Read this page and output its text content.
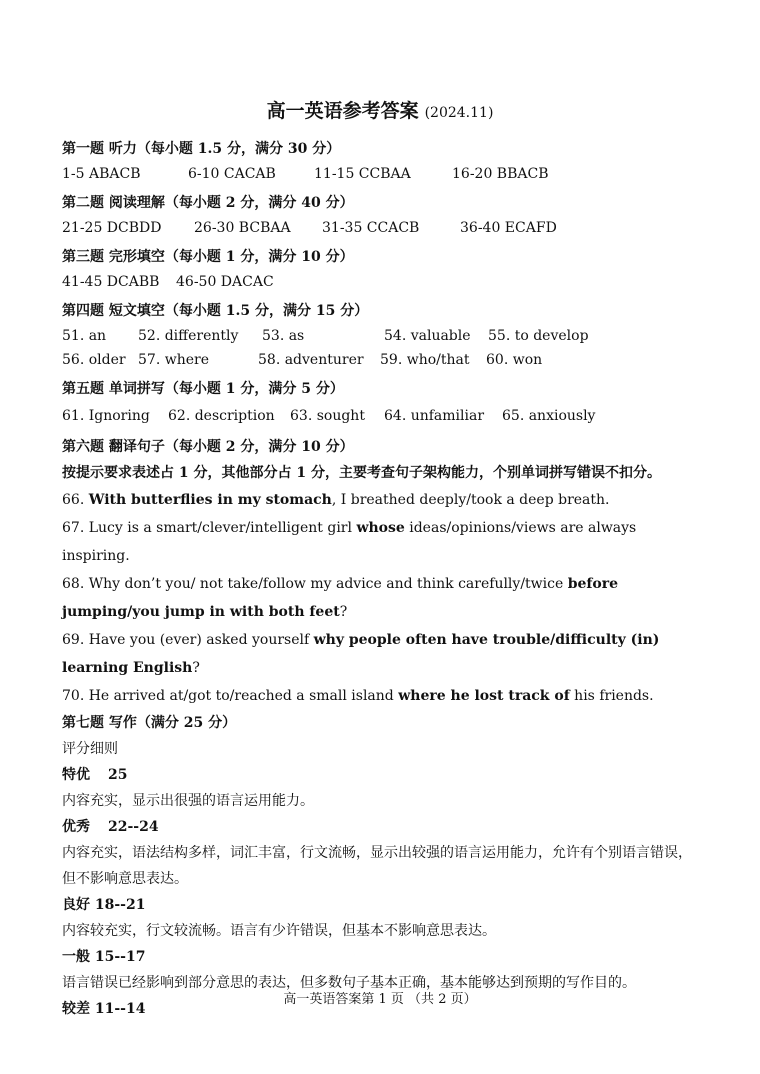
高一英语参考答案 (2024.11)
第一题 听力（每小题 1.5 分，满分 30 分）
1-5 ABACB	6-10 CACAB	11-15 CCBAA	16-20 BBACB
第二题 阅读理解（每小题 2 分，满分 40 分）
21-25 DCBDD 26-30 BCBAA 31-35 CCACB	36-40 ECAFD
第三题 完形填空（每小题 1 分，满分 10 分）
41-45 DCABB 46-50 DACAC
第四题 短文填空（每小题 1.5 分，满分 15 分）
51. an 52. differently 53. as	54. valuable 55. to develop
56. older 57. where	58. adventurer 59. who/that 60. won
第五题 单词拼写（每小题 1 分，满分 5 分）
61. Ignoring 62. description 63. sought 64. unfamiliar 65. anxiously
第六题 翻译句子（每小题 2 分，满分 10 分）
按提示要求表述占 1 分，其他部分占 1 分，主要考查句子架构能力，个别单词拼写错误不扣分。
66. With butterflies in my stomach, I breathed deeply/took a deep breath.
67. Lucy is a smart/clever/intelligent girl whose ideas/opinions/views are always inspiring.
68. Why don’t you/ not take/follow my advice and think carefully/twice before jumping/you jump in with both feet?
69. Have you (ever) asked yourself why people often have trouble/difficulty (in) learning English?
70. He arrived at/got to/reached a small island where he lost track of his friends.
第七题 写作（满分 25 分）
评分细则
特优 25
内容充实，显示出很强的语言运用能力。
优秀 22--24
内容充实，语法结构多样，词汇丰富，行文流畅，显示出较强的语言运用能力，允许有个别语言错误，但不影响意思表达。
良好 18--21
内容较充实，行文较流畅。语言有少许错误，但基本不影响意思表达。
一般 15--17
语言错误已经影响到部分意思的表达，但多数句子基本正确，基本能够达到预期的写作目的。
较差 11--14
高一英语答案第 1 页 （共 2 页）
